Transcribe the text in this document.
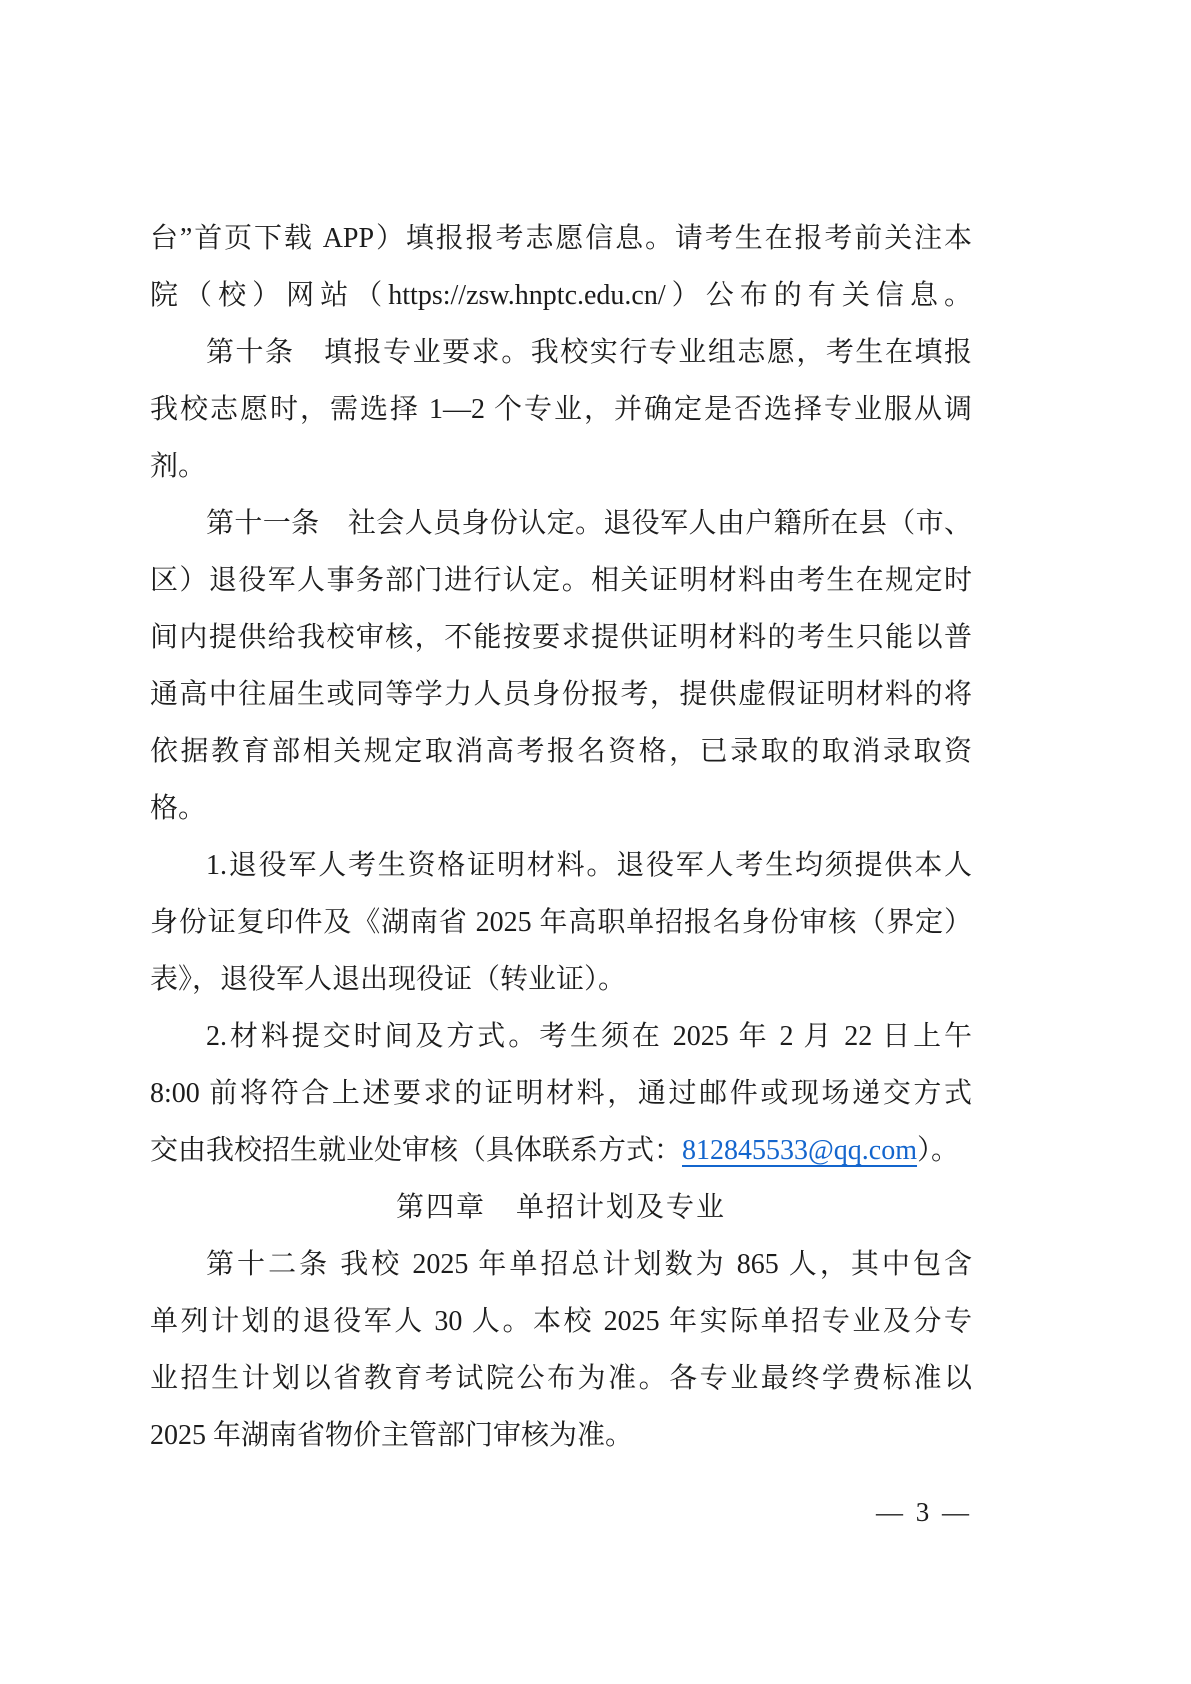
台”首页下载 APP）填报报考志愿信息。请考生在报考前关注本
院（校）网站（https://zsw.hnptc.edu.cn/）公布的有关信息。
第十条　填报专业要求。我校实行专业组志愿，考生在填报
我校志愿时，需选择 1—2 个专业，并确定是否选择专业服从调
剂。
第十一条　社会人员身份认定。退役军人由户籍所在县（市、
区）退役军人事务部门进行认定。相关证明材料由考生在规定时
间内提供给我校审核，不能按要求提供证明材料的考生只能以普
通高中往届生或同等学力人员身份报考，提供虚假证明材料的将
依据教育部相关规定取消高考报名资格，已录取的取消录取资
格。
1.退役军人考生资格证明材料。退役军人考生均须提供本人
身份证复印件及《湖南省 2025 年高职单招报名身份审核（界定）
表》，退役军人退出现役证（转业证）。
2.材料提交时间及方式。考生须在 2025 年 2 月 22 日上午
8:00 前将符合上述要求的证明材料，通过邮件或现场递交方式
交由我校招生就业处审核（具体联系方式：812845533@qq.com）。
第四章　单招计划及专业
第十二条 我校 2025 年单招总计划数为 865 人，其中包含
单列计划的退役军人 30 人。本校 2025 年实际单招专业及分专
业招生计划以省教育考试院公布为准。各专业最终学费标准以
2025 年湖南省物价主管部门审核为准。
— 3 —
